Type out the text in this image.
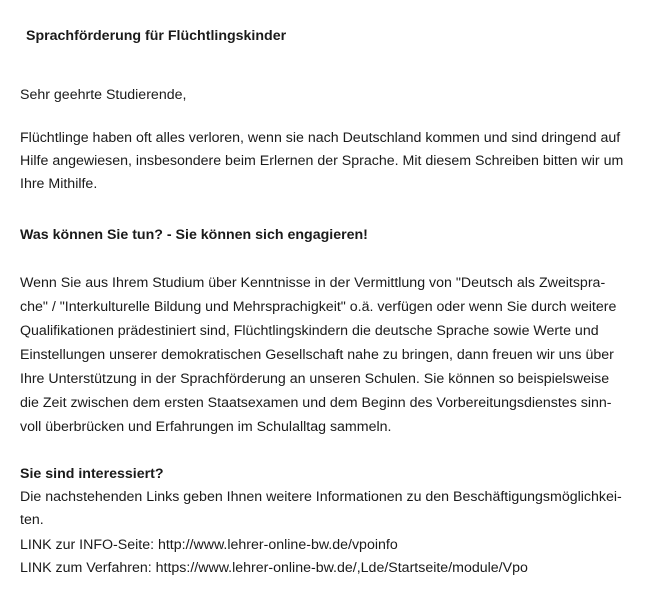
Sprachförderung für Flüchtlingskinder
Sehr geehrte Studierende,
Flüchtlinge haben oft alles verloren, wenn sie nach Deutschland kommen und sind dringend auf
Hilfe angewiesen, insbesondere beim Erlernen der Sprache. Mit diesem Schreiben bitten wir um
Ihre Mithilfe.
Was können Sie tun? - Sie können sich engagieren!
Wenn Sie aus Ihrem Studium über Kenntnisse in der Vermittlung von "Deutsch als Zweitspra-
che" / "Interkulturelle Bildung und Mehrsprachigkeit" o.ä. verfügen oder wenn Sie durch weitere
Qualifikationen prädestiniert sind, Flüchtlingskindern die deutsche Sprache sowie Werte und
Einstellungen unserer demokratischen Gesellschaft nahe zu bringen, dann freuen wir uns über
Ihre Unterstützung in der Sprachförderung an unseren Schulen. Sie können so beispielsweise
die Zeit zwischen dem ersten Staatsexamen und dem Beginn des Vorbereitungsdienstes sinn-
voll überbrücken und Erfahrungen im Schulalltag sammeln.
Sie sind interessiert?
Die nachstehenden Links geben Ihnen weitere Informationen zu den Beschäftigungsmöglichkei-
ten.
LINK zur INFO-Seite: http://www.lehrer-online-bw.de/vpoinfo
LINK zum Verfahren: https://www.lehrer-online-bw.de/,Lde/Startseite/module/Vpo
